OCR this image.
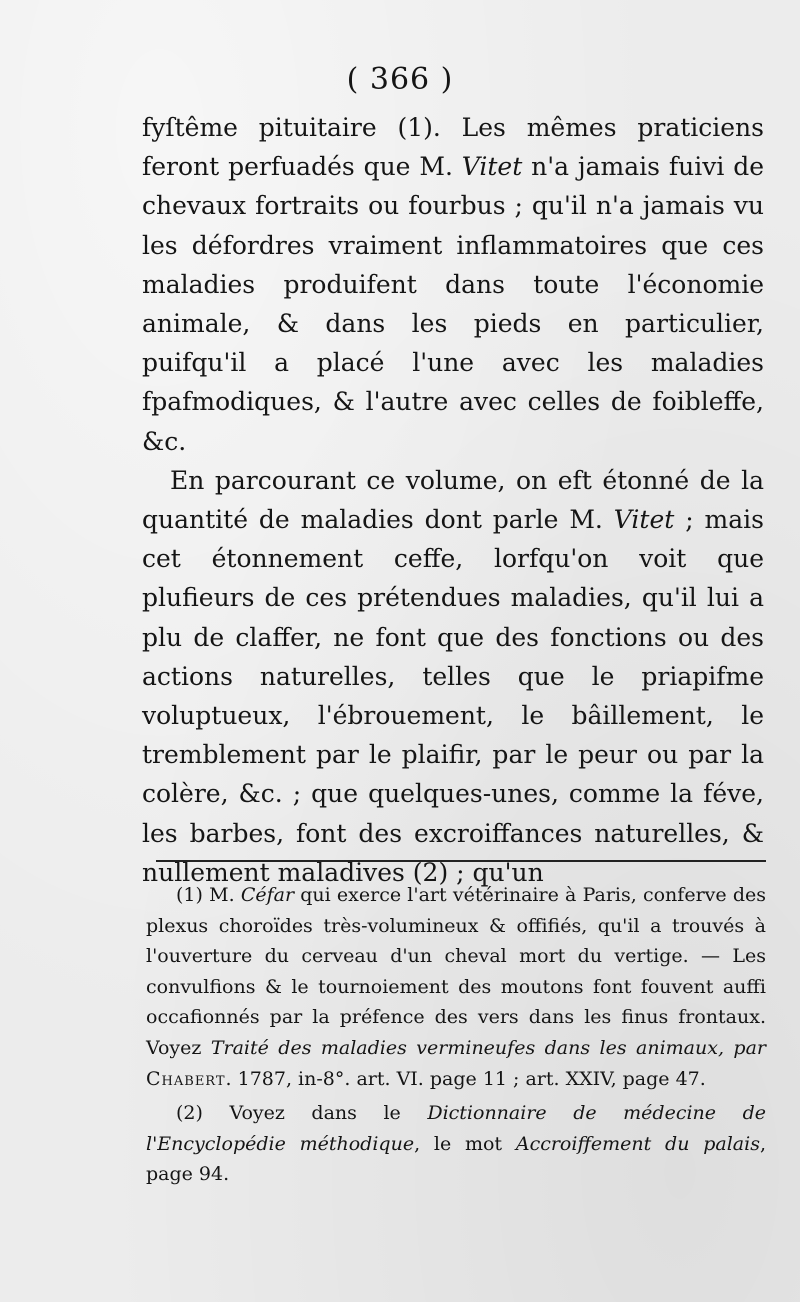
( 366 )

fyſtême pituitaire (1). Les mêmes praticiens feront perfuadés que M. Vitet n'a jamais fuivi de chevaux fortraits ou fourbus ; qu'il n'a jamais vu les défordres vraiment inflammatoires que ces maladies produifent dans toute l'économie animale, & dans les pieds en particulier, puifqu'il a placé l'une avec les maladies fpafmodiques, & l'autre avec celles de foibleffe, &c.

En parcourant ce volume, on eft étonné de la quantité de maladies dont parle M. Vitet ; mais cet étonnement ceffe, lorfqu'on voit que plufieurs de ces prétendues maladies, qu'il lui a plu de claffer, ne font que des fonctions ou des actions naturelles, telles que le priapifme voluptueux, l'ébrouement, le bâillement, le tremblement par le plaifir, par le peur ou par la colère, &c. ; que quelques-unes, comme la féve, les barbes, font des excroiffances naturelles, & nullement maladives (2) ; qu'un

(1) M. Céfar qui exerce l'art vétérinaire à Paris, conferve des plexus choroïdes très-volumineux & offifiés, qu'il a trouvés à l'ouverture du cerveau d'un cheval mort du vertige. — Les convulfions & le tournoiement des moutons font fouvent auffi occafionnés par la préfence des vers dans les finus frontaux. Voyez Traité des maladies vermineufes dans les animaux, par Chabert. 1787, in-8°. art. VI. page 11 ; art. XXIV, page 47.

(2) Voyez dans le Dictionnaire de médecine de l'Encyclopédie méthodique, le mot Accroiffement du palais, page 94.
